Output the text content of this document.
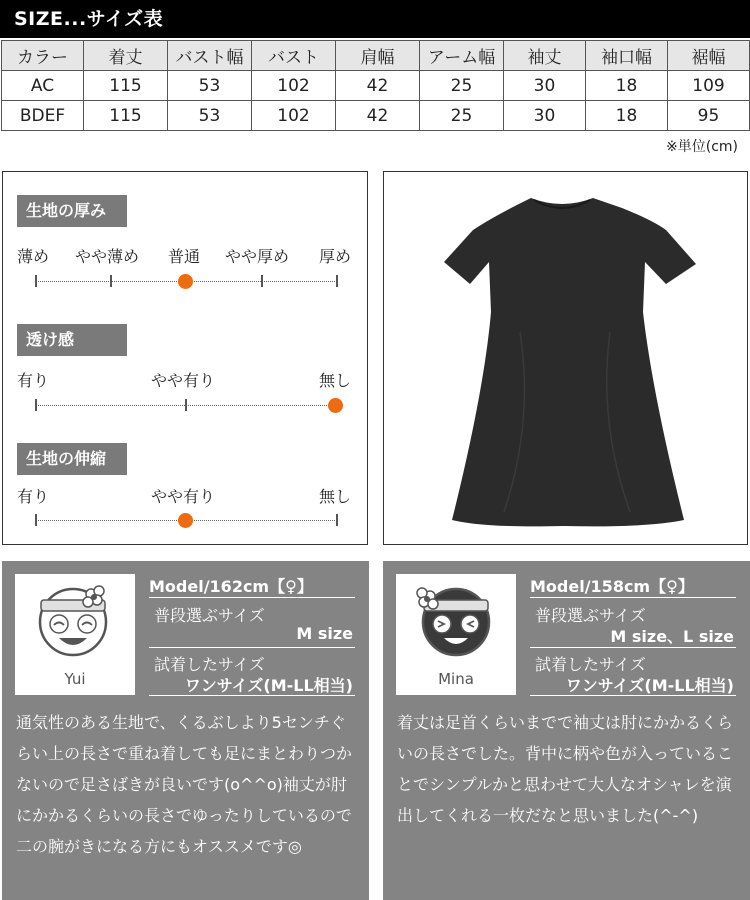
SIZE...サイズ表
カラー	着丈	バスト幅	バスト	肩幅	アーム幅	袖丈	袖口幅	裾幅
AC	115	53	102	42	25	30	18	109
BDEF	115	53	102	42	25	30	18	95
※単位(cm)
生地の厚み
薄め やや薄め 普通 やや厚め 厚め
透け感
有り	やや有り	無し
生地の伸縮
有り	やや有り	無し
Yui
Model/162cm【♀】
普段選ぶサイズ
M size
試着したサイズ
ワンサイズ(M-LL相当)
通気性のある生地で、くるぶしより5センチぐらい上の長さで重ね着しても足にまとわりつかないので足さばきが良いです(o^^o)袖丈が肘にかかるくらいの長さでゆったりしているので二の腕がきになる方にもオススメです◎
Mina
Model/158cm【♀】
普段選ぶサイズ
M size、L size
試着したサイズ
ワンサイズ(M-LL相当)
着丈は足首くらいまでで袖丈は肘にかかるくらいの長さでした。背中に柄や色が入っていることでシンプルかと思わせて大人なオシャレを演出してくれる一枚だなと思いました(^-^)
